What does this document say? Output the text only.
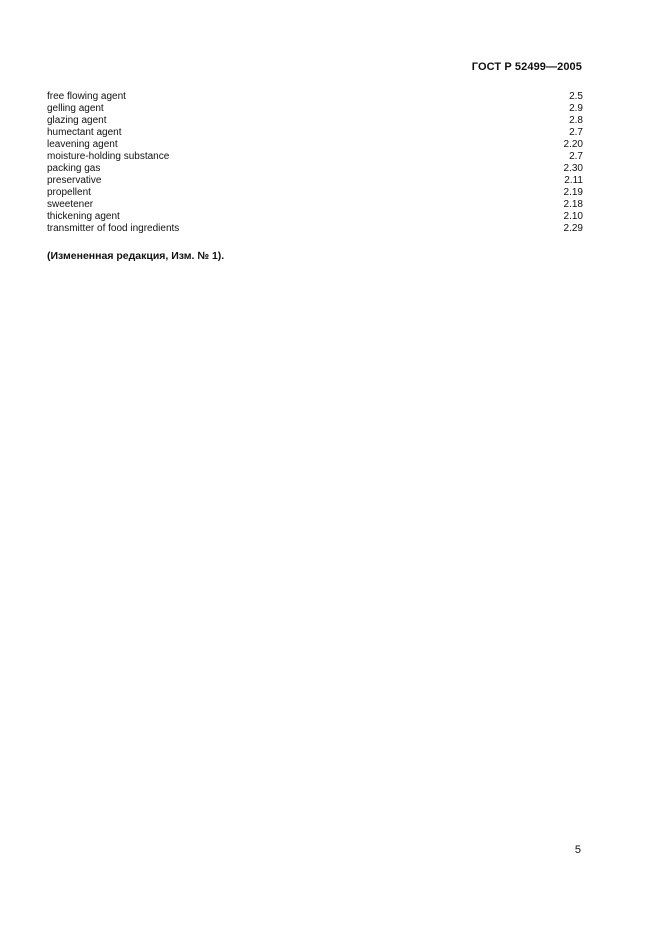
ГОСТ Р 52499—2005
free flowing agent	2.5
gelling agent	2.9
glazing agent	2.8
humectant agent	2.7
leavening agent	2.20
moisture-holding substance	2.7
packing gas	2.30
preservative	2.11
propellent	2.19
sweetener	2.18
thickening agent	2.10
transmitter of food ingredients	2.29
(Измененная редакция, Изм. № 1).
5
